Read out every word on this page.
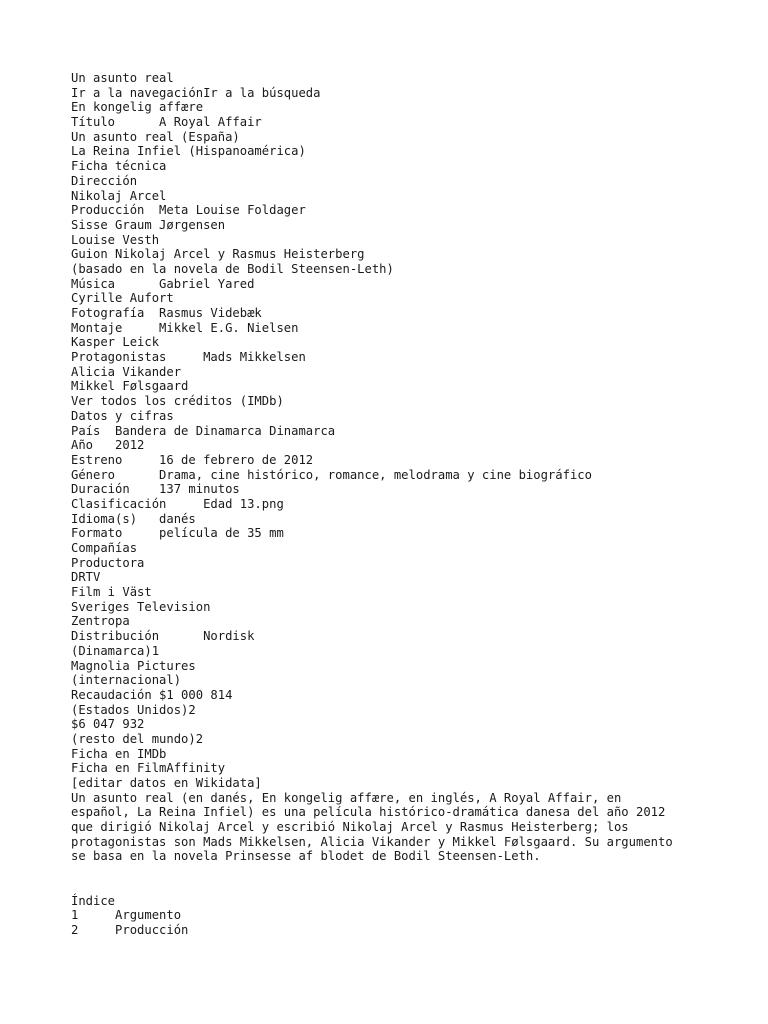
Un asunto real
Ir a la navegaciónIr a la búsqueda
En kongelig affære
Título      A Royal Affair
Un asunto real (España)
La Reina Infiel (Hispanoamérica)
Ficha técnica
Dirección
Nikolaj Arcel
Producción  Meta Louise Foldager
Sisse Graum Jørgensen
Louise Vesth
Guion Nikolaj Arcel y Rasmus Heisterberg
(basado en la novela de Bodil Steensen-Leth)
Música      Gabriel Yared
Cyrille Aufort
Fotografía  Rasmus Videbæk
Montaje     Mikkel E.G. Nielsen
Kasper Leick
Protagonistas     Mads Mikkelsen
Alicia Vikander
Mikkel Følsgaard
Ver todos los créditos (IMDb)
Datos y cifras
País  Bandera de Dinamarca Dinamarca
Año   2012
Estreno     16 de febrero de 2012
Género      Drama, cine histórico, romance, melodrama y cine biográfico
Duración    137 minutos
Clasificación     Edad 13.png
Idioma(s)   danés
Formato     película de 35 mm
Compañías
Productora
DRTV
Film i Väst
Sveriges Television
Zentropa
Distribución      Nordisk
(Dinamarca)1
Magnolia Pictures
(internacional)
Recaudación $1 000 814
(Estados Unidos)2
$6 047 932
(resto del mundo)2
Ficha en IMDb
Ficha en FilmAffinity
[editar datos en Wikidata]
Un asunto real (en danés, En kongelig affære, en inglés, A Royal Affair, en
español, La Reina Infiel) es una película histórico-dramática danesa del año 2012
que dirigió Nikolaj Arcel y escribió Nikolaj Arcel y Rasmus Heisterberg; los
protagonistas son Mads Mikkelsen, Alicia Vikander y Mikkel Følsgaard. Su argumento
se basa en la novela Prinsesse af blodet de Bodil Steensen-Leth.
Índice
1     Argumento
2     Producción
